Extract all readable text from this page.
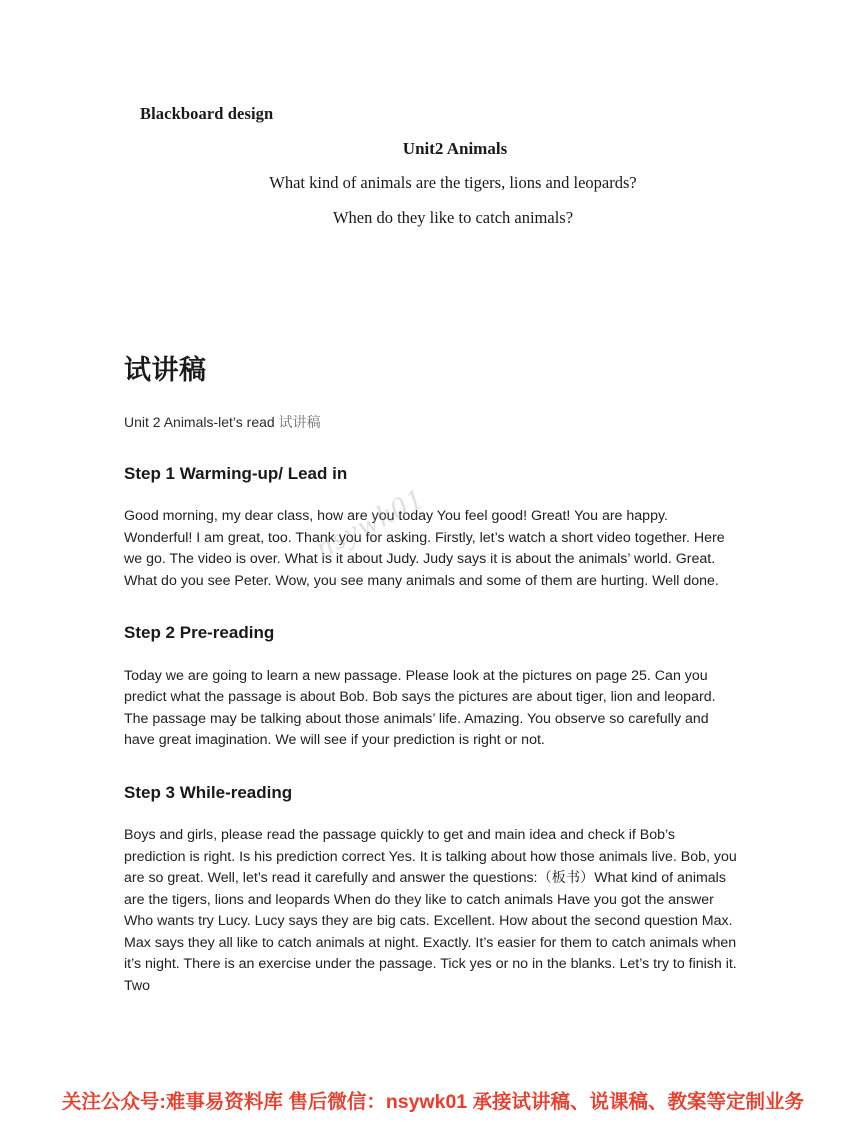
Blackboard design
Unit2 Animals
What kind of animals are the tigers, lions and leopards?
When do they like to catch animals?
试讲稿

Unit 2 Animals-let’s read 试讲稿

Step 1 Warming-up/ Lead in

Good morning, my dear class, how are you today You feel good! Great! You are happy. Wonderful! I am great, too. Thank you for asking. Firstly, let’s watch a short video together. Here we go. The video is over. What is it about Judy. Judy says it is about the animals’ world. Great. What do you see Peter. Wow, you see many animals and some of them are hurting. Well done.

Step 2 Pre-reading

Today we are going to learn a new passage. Please look at the pictures on page 25. Can you predict what the passage is about Bob. Bob says the pictures are about tiger, lion and leopard. The passage may be talking about those animals’ life. Amazing. You observe so carefully and have great imagination. We will see if your prediction is right or not.

Step 3 While-reading

Boys and girls, please read the passage quickly to get and main idea and check if Bob’s prediction is right. Is his prediction correct Yes. It is talking about how those animals live. Bob, you are so great. Well, let’s read it carefully and answer the questions:（板书）What kind of animals are the tigers, lions and leopards When do they like to catch animals Have you got the answer Who wants try Lucy. Lucy says they are big cats. Excellent. How about the second question Max. Max says they all like to catch animals at night. Exactly. It’s easier for them to catch animals when it’s night. There is an exercise under the passage. Tick yes or no in the blanks. Let’s try to finish it. Two

nsywk01
关注公众号:难事易资料库 售后微信：nsywk01 承接试讲稿、说课稿、教案等定制业务
